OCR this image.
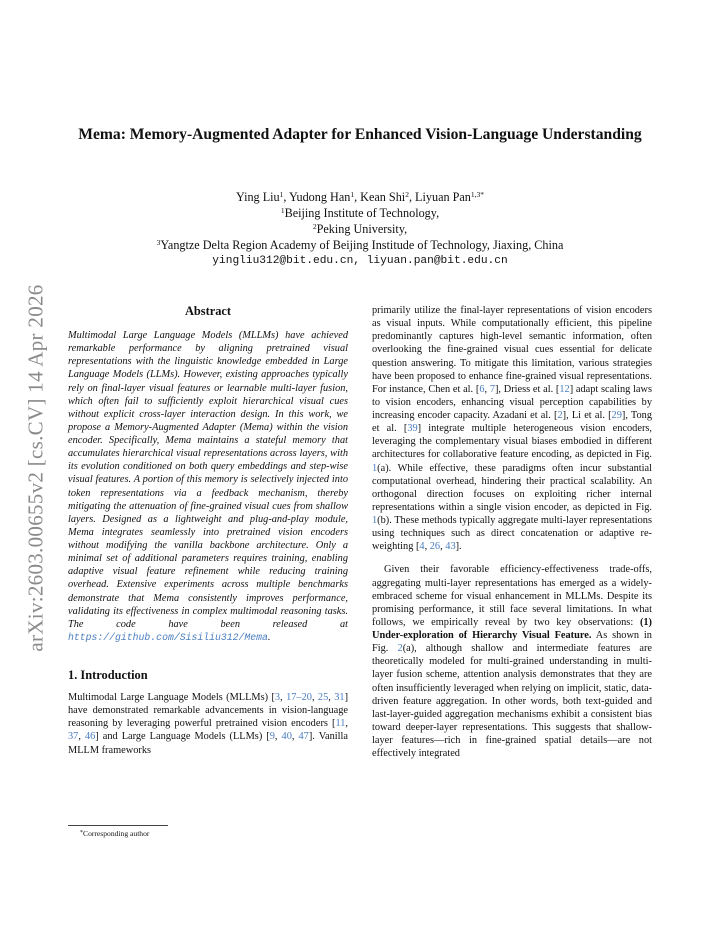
arXiv:2603.00655v2 [cs.CV] 14 Apr 2026
Mema: Memory-Augmented Adapter for Enhanced Vision-Language Understanding
Ying Liu$^1$, Yudong Han$^1$, Kean Shi$^2$, Liyuan Pan$^{1,3*}$
$^1$Beijing Institute of Technology,
$^2$Peking University,
$^3$Yangtze Delta Region Academy of Beijing Institude of Technology, Jiaxing, China
yingliu312@bit.edu.cn, liyuan.pan@bit.edu.cn
Abstract

Multimodal Large Language Models (MLLMs) have achieved remarkable performance by aligning pretrained visual representations with the linguistic knowledge embedded in Large Language Models (LLMs). However, existing approaches typically rely on final-layer visual features or learnable multi-layer fusion, which often fail to sufficiently exploit hierarchical visual cues without explicit cross-layer interaction design. In this work, we propose a Memory-Augmented Adapter (Mema) within the vision encoder. Specifically, Mema maintains a stateful memory that accumulates hierarchical visual representations across layers, with its evolution conditioned on both query embeddings and step-wise visual features. A portion of this memory is selectively injected into token representations via a feedback mechanism, thereby mitigating the attenuation of fine-grained visual cues from shallow layers. Designed as a lightweight and plug-and-play module, Mema integrates seamlessly into pretrained vision encoders without modifying the vanilla backbone architecture. Only a minimal set of additional parameters requires training, enabling adaptive visual feature refinement while reducing training overhead. Extensive experiments across multiple benchmarks demonstrate that Mema consistently improves performance, validating its effectiveness in complex multimodal reasoning tasks. The code have been released at https://github.com/Sisiliu312/Mema.

1. Introduction

Multimodal Large Language Models (MLLMs) [3, 17–20, 25, 31] have demonstrated remarkable advancements in vision-language reasoning by leveraging powerful pretrained vision encoders [11, 37, 46] and Large Language Models (LLMs) [9, 40, 47]. Vanilla MLLM frameworks

primarily utilize the final-layer representations of vision encoders as visual inputs. While computationally efficient, this pipeline predominantly captures high-level semantic information, often overlooking the fine-grained visual cues essential for delicate question answering. To mitigate this limitation, various strategies have been proposed to enhance fine-grained visual representations. For instance, Chen et al. [6, 7], Driess et al. [12] adapt scaling laws to vision encoders, enhancing visual perception capabilities by increasing encoder capacity. Azadani et al. [2], Li et al. [29], Tong et al. [39] integrate multiple heterogeneous vision encoders, leveraging the complementary visual biases embodied in different architectures for collaborative feature encoding, as depicted in Fig. 1(a). While effective, these paradigms often incur substantial computational overhead, hindering their practical scalability. An orthogonal direction focuses on exploiting richer internal representations within a single vision encoder, as depicted in Fig. 1(b). These methods typically aggregate multi-layer representations using techniques such as direct concatenation or adaptive re-weighting [4, 26, 43].

Given their favorable efficiency-effectiveness trade-offs, aggregating multi-layer representations has emerged as a widely-embraced scheme for visual enhancement in MLLMs. Despite its promising performance, it still face several limitations. In what follows, we empirically reveal by two key observations: (1) Under-exploration of Hierarchy Visual Feature. As shown in Fig. 2(a), although shallow and intermediate features are theoretically modeled for multi-grained understanding in multi-layer fusion scheme, attention analysis demonstrates that they are often insufficiently leveraged when relying on implicit, static, data-driven feature aggregation. In other words, both text-guided and last-layer-guided aggregation mechanisms exhibit a consistent bias toward deeper-layer representations. This suggests that shallow-layer features—rich in fine-grained spatial details—are not effectively integrated

*Corresponding author
